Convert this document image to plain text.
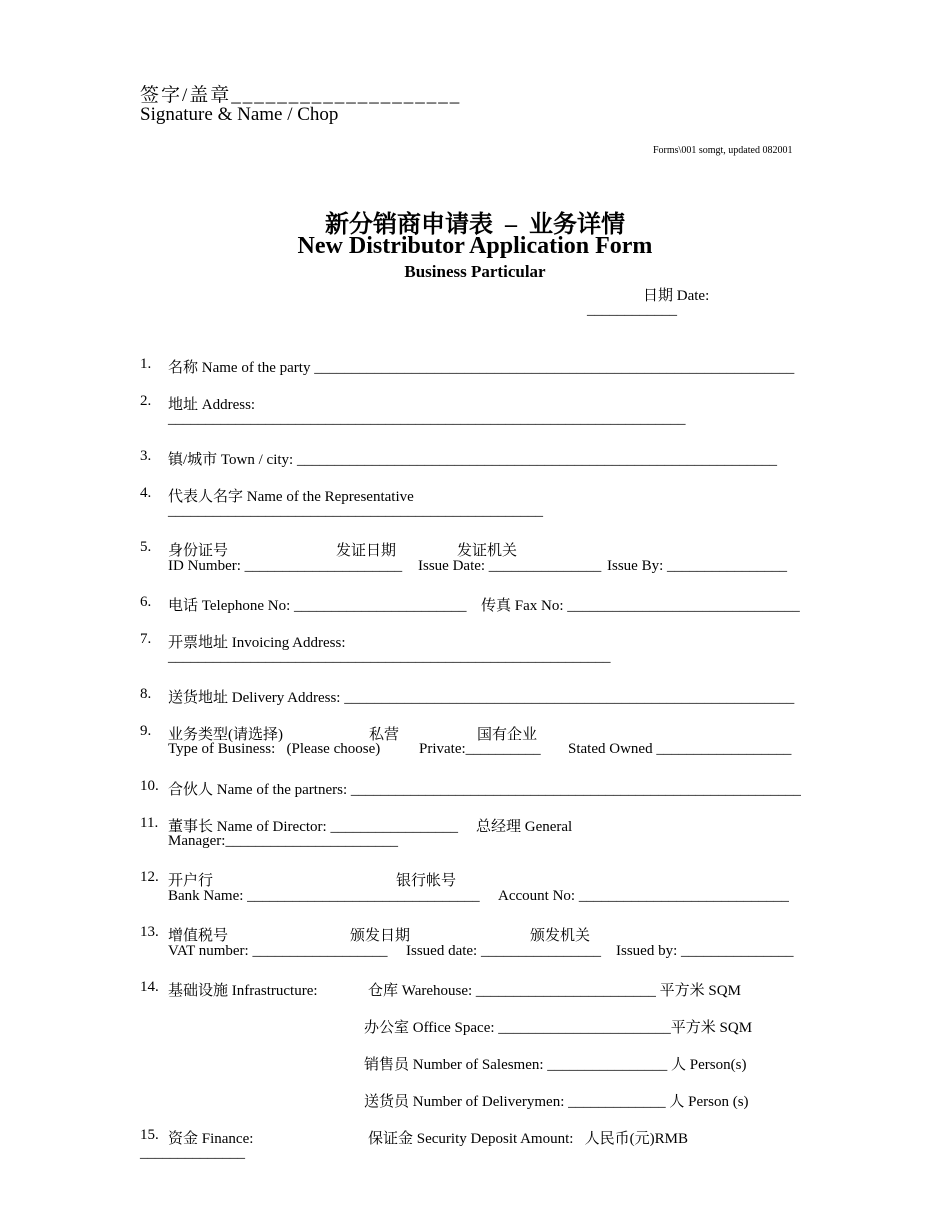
签字/盖章____________________
Signature & Name / Chop
Forms\001 somgt, updated 082001
新分销商申请表  –  业务详情
New Distributor Application Form
Business Particular
日期 Date:
____________
1. 名称 Name of the party ________________________________________________________________
2. 地址 Address:
_____________________________________________________________________
3. 镇/城市 Town / city: ________________________________________________________________
4. 代表人名字 Name of the Representative
__________________________________________________
5. 身份证号	发证日期	发证机关
ID Number: _____________________ Issue Date: _______________ Issue By: ________________
6. 电话 Telephone No: _______________________ 传真 Fax No: _______________________________
7. 开票地址 Invoicing Address:
___________________________________________________________
8. 送货地址 Delivery Address: ____________________________________________________________
9. 业务类型(请选择)	私营	国有企业
Type of Business:   (Please choose)	Private:__________ Stated Owned __________________
10. 合伙人 Name of the partners: ____________________________________________________________
11. 董事长 Name of Director: _________________ 总经理 General
Manager:_______________________
12. 开户行	银行帐号
Bank Name: _______________________________ Account No: ____________________________
13. 增值税号	颁发日期	颁发机关
VAT number: __________________ Issued date: ________________ Issued by: _______________
14. 基础设施 Infrastructure:	仓库 Warehouse: ________________________ 平方米 SQM
办公室 Office Space: _______________________平方米 SQM
销售员 Number of Salesmen: ________________ 人 Person(s)
送货员 Number of Deliverymen: _____________ 人 Person (s)
15. 资金 Finance:	保证金 Security Deposit Amount:   人民币(元)RMB
______________
